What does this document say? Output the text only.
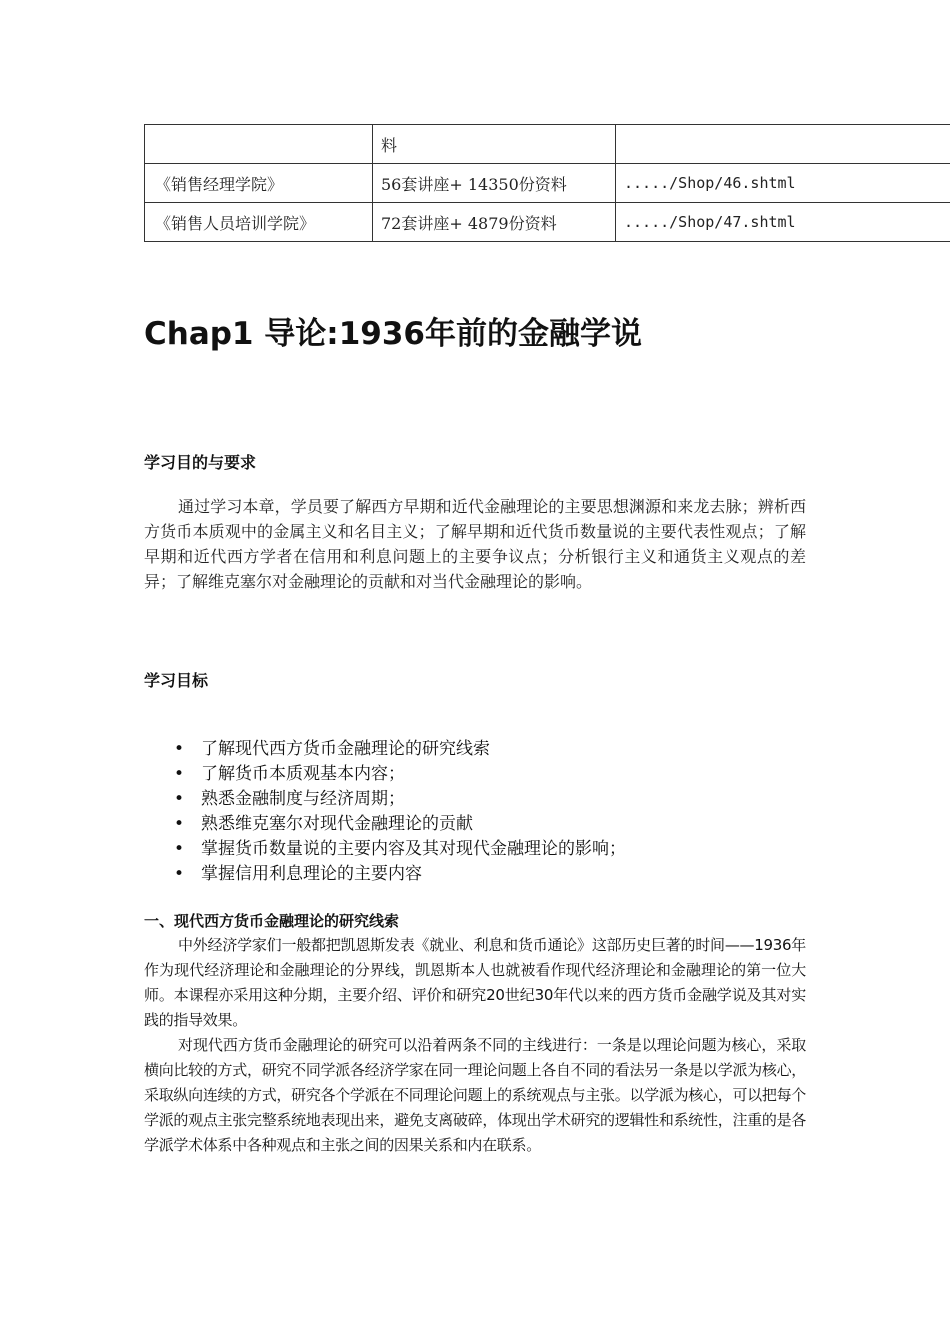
	料	
《销售经理学院》	56套讲座+ 14350份资料	...../Shop/46.shtml
《销售人员培训学院》	72套讲座+ 4879份资料	...../Shop/47.shtml
Chap1 导论:1936年前的金融学说
学习目的与要求

通过学习本章，学员要了解西方早期和近代金融理论的主要思想渊源和来龙去脉；辨析西方货币本质观中的金属主义和名目主义；了解早期和近代货币数量说的主要代表性观点；了解早期和近代西方学者在信用和利息问题上的主要争议点；分析银行主义和通货主义观点的差异；了解维克塞尔对金融理论的贡献和对当代金融理论的影响。

学习目标
• 了解现代西方货币金融理论的研究线索
• 了解货币本质观基本内容；
• 熟悉金融制度与经济周期；
• 熟悉维克塞尔对现代金融理论的贡献
• 掌握货币数量说的主要内容及其对现代金融理论的影响；
• 掌握信用利息理论的主要内容
一、现代西方货币金融理论的研究线索

中外经济学家们一般都把凯恩斯发表《就业、利息和货币通论》这部历史巨著的时间——1936年作为现代经济理论和金融理论的分界线，凯恩斯本人也就被看作现代经济理论和金融理论的第一位大师。本课程亦采用这种分期，主要介绍、评价和研究20世纪30年代以来的西方货币金融学说及其对实践的指导效果。

对现代西方货币金融理论的研究可以沿着两条不同的主线进行：一条是以理论问题为核心，采取横向比较的方式，研究不同学派各经济学家在同一理论问题上各自不同的看法另一条是以学派为核心，采取纵向连续的方式，研究各个学派在不同理论问题上的系统观点与主张。以学派为核心，可以把每个学派的观点主张完整系统地表现出来，避免支离破碎，体现出学术研究的逻辑性和系统性，注重的是各学派学术体系中各种观点和主张之间的因果关系和内在联系。
